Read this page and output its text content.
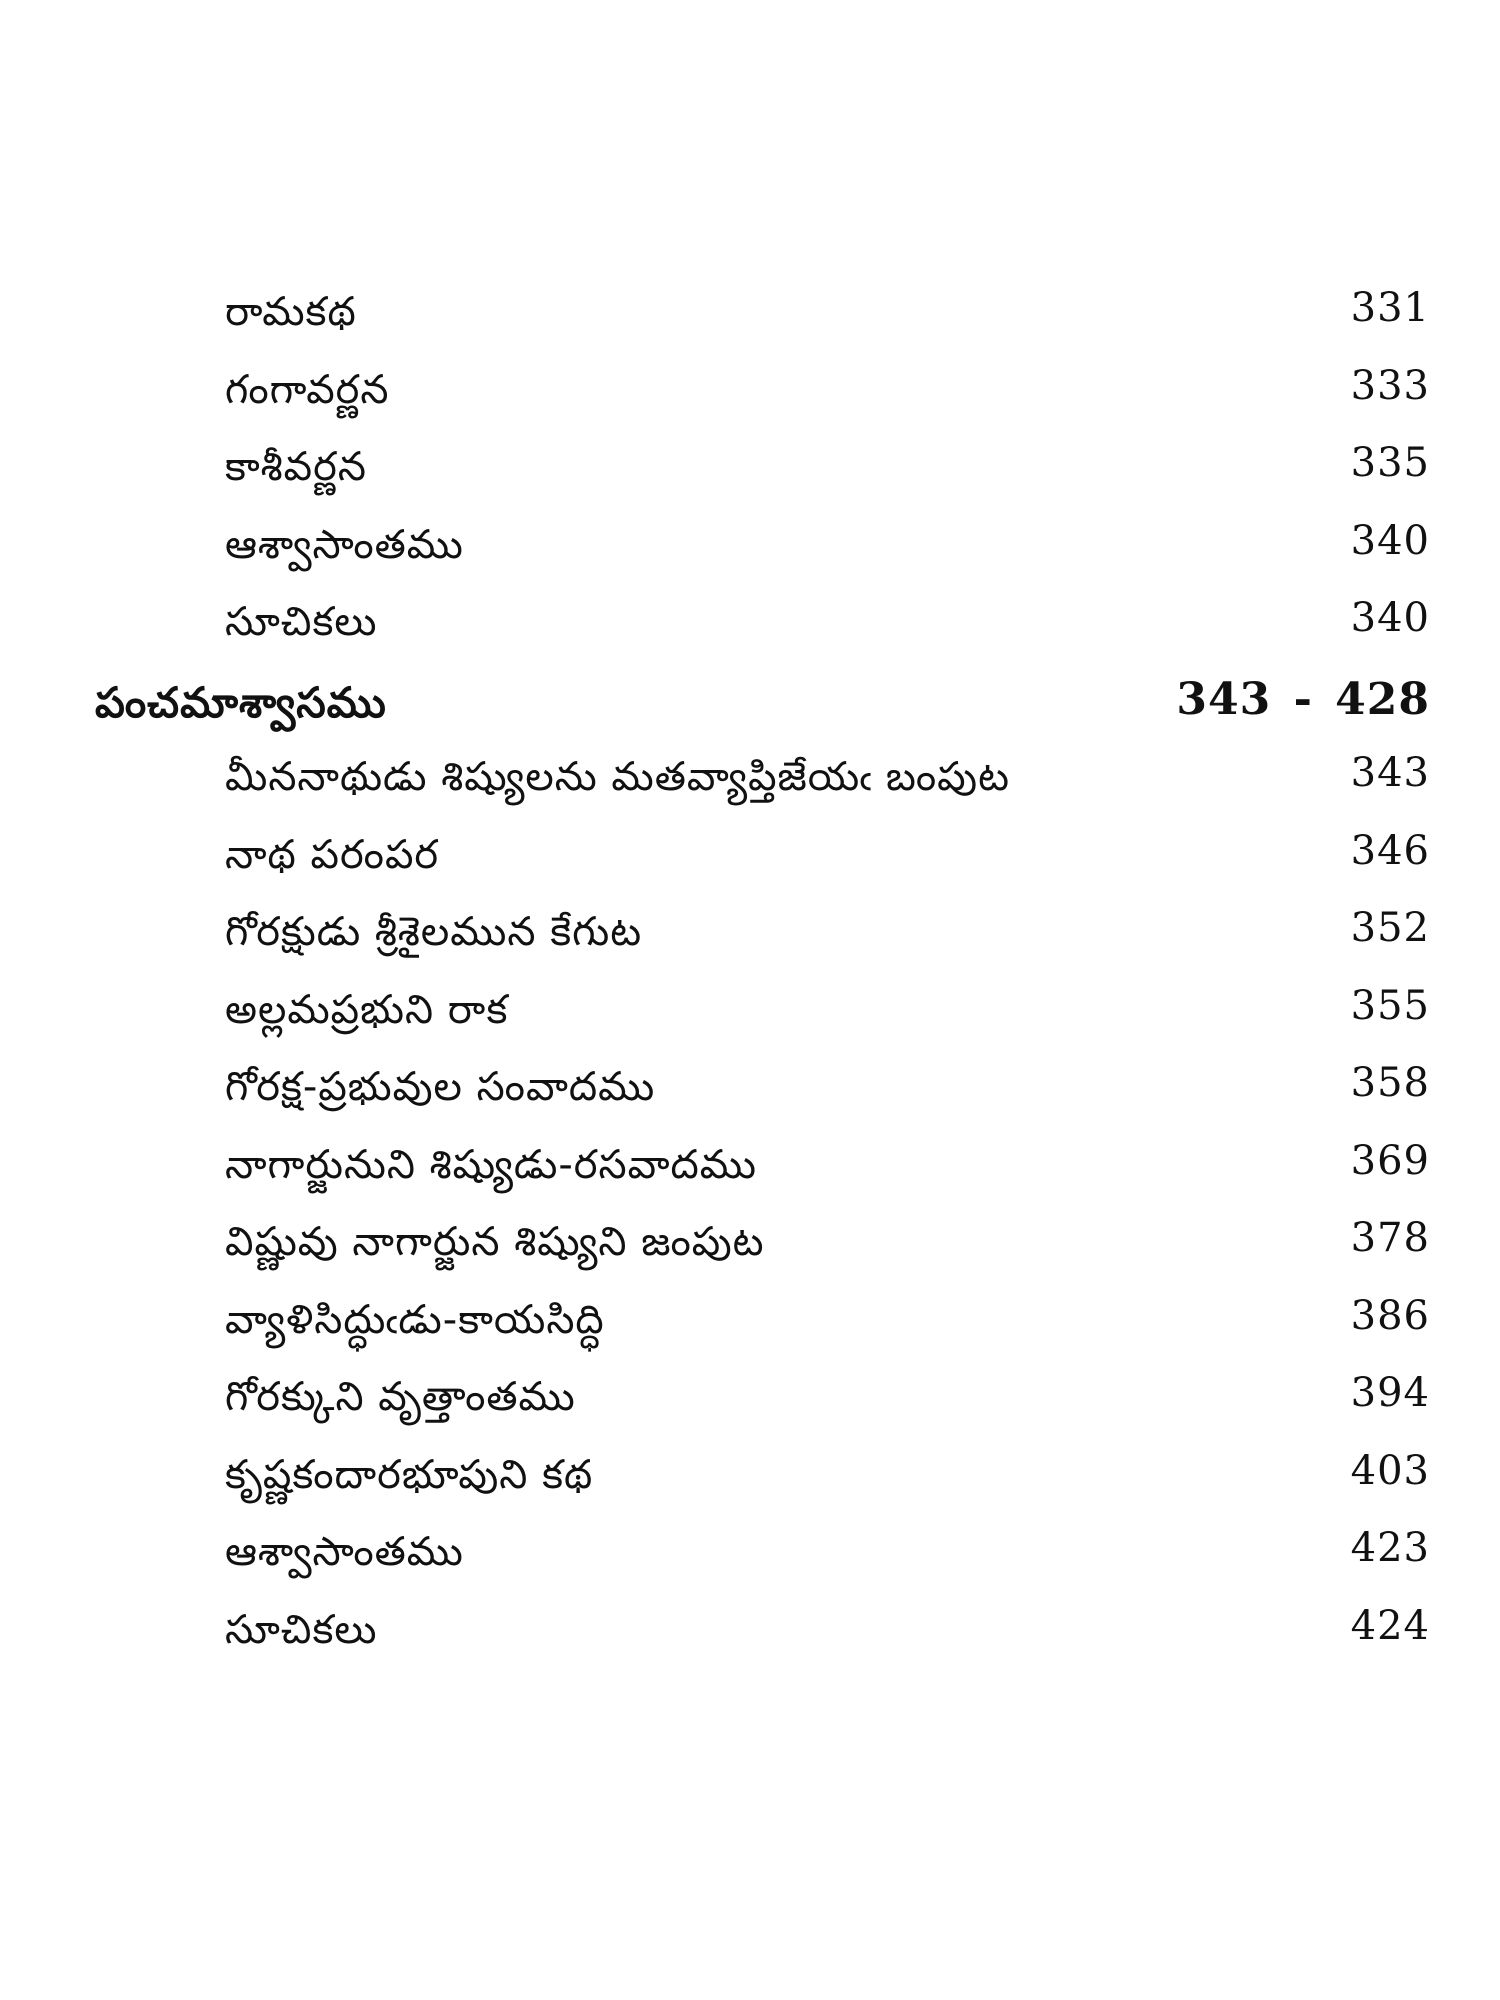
రామకథ	331
గంగావర్ణన	333
కాశీవర్ణన	335
ఆశ్వాసాంతము	340
సూచికలు	340
పంచమాశ్వాసము	343 - 428
మీననాథుడు శిష్యులను మతవ్యాప్తిజేయఁ బంపుట	343
నాథ పరంపర	346
గోరక్షుడు శ్రీశైలమున కేగుట	352
అల్లమప్రభుని రాక	355
గోరక్ష-ప్రభువుల సంవాదము	358
నాగార్జునుని శిష్యుడు-రసవాదము	369
విష్ణువు నాగార్జున శిష్యుని జంపుట	378
వ్యాళిసిద్ధుఁడు-కాయసిద్ధి	386
గోరక్కుని వృత్తాంతము	394
కృష్ణకందారభూపుని కథ	403
ఆశ్వాసాంతము	423
సూచికలు	424
